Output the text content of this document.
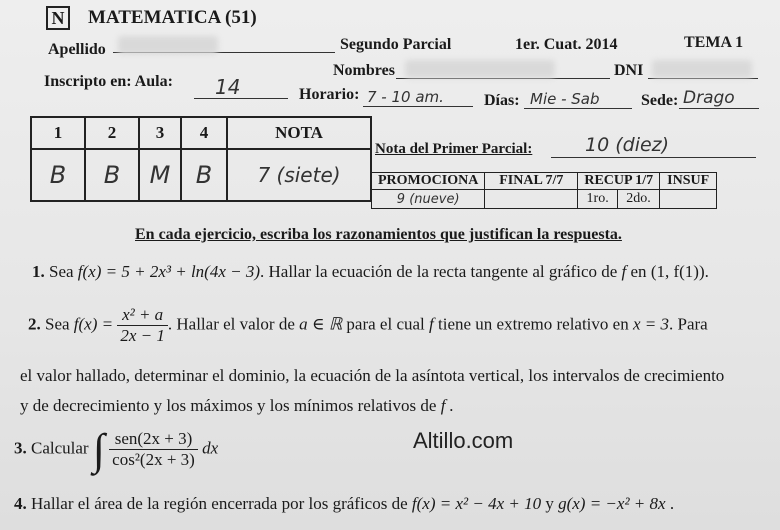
N MATEMATICA (51)
Segundo Parcial	1er. Cuat. 2014	TEMA 1
Apellido
Nombres	DNI
Inscripto en: Aula: 14	Horario: 7 - 10 am.	Días: Mie - Sab	Sede: Drago
1	2	3	4	NOTA
B	B	M	B	7 (siete)
Nota del Primer Parcial:	10 (diez)
PROMOCIONA	FINAL 7/7	RECUP 1/7		INSUF
9 (nueve)		1ro.	2do.	
En cada ejercicio, escriba los razonamientos que justifican la respuesta.
1. Sea f(x) = 5 + 2x³ + ln(4x − 3). Hallar la ecuación de la recta tangente al gráfico de f en (1, f(1)).
2. Sea $f(x) = \frac{\text{x² + a}}{2x - 1}$ . Hallar el valor de a ∈ ℝ para el cual f tiene un extremo relativo en x = 3. Para
el valor hallado, determinar el dominio, la ecuación de la asíntota vertical, los intervalos de crecimiento
y de decrecimiento y los máximos y los mínimos relativos de f .
3. Calcular ∫ $\frac{\text{sen(2x + 3)}}{\text{cos²(2x + 3)}}$ dx	Altillo.com
4. Hallar el área de la región encerrada por los gráficos de f(x) = x² − 4x + 10 y g(x) = −x² + 8x .
